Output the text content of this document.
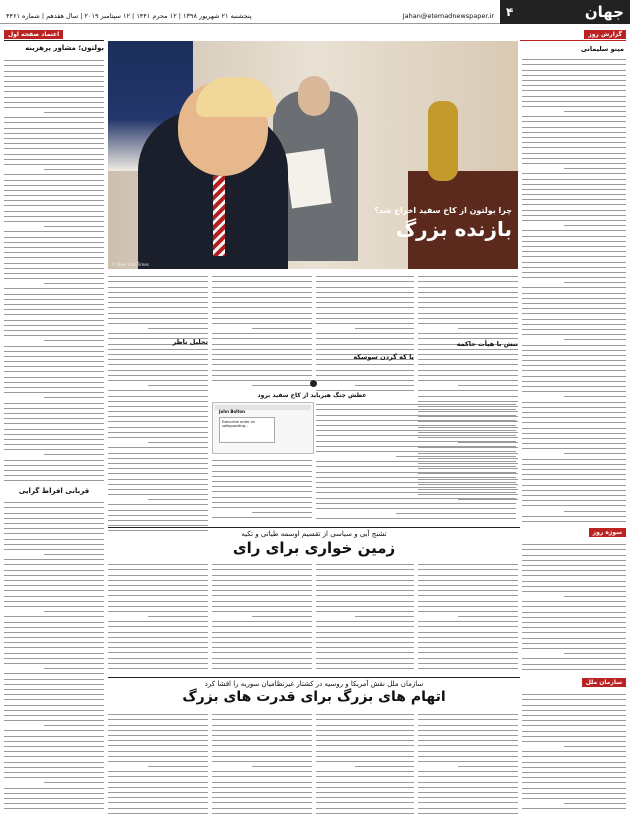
پنجشنبه ۲۱ شهریور ۱۳۹۸ | ۱۲ محرم ۱۴۴۱ | ۱۲ سپتامبر ۲۰۱۹ | سال هفدهم | شماره ۴۴۶۱	Jahan@etemadnewspaper.ir ۴	جهان
گزارش روز
مینو سلیمانی
اعتماد صفحه اول
بولتون؛ مشاور پرهزینه
قربانی افراط گرایی
© New York Times
چرا بولتون از کاخ سفید اخراج شد؟
بازنده بزرگ
تنش با هیأت حاکمه
با که گردن سوسکه
تحلیل ناظر
عطش جنگ هیرباید از کاخ سفید برود
John Bolton
Executive order on safeguarding...
سوژه روز
تشنج آبی و سیاسی از تقسیم اوسمه طیاتی و تکیه
زمین خواری برای رای
سازمان ملل
سازمان ملل نقش آمریکا و روسیه در کشتار غیرنظامیان سوریه را افشا کرد
اتهام های بزرگ برای قدرت های بزرگ
